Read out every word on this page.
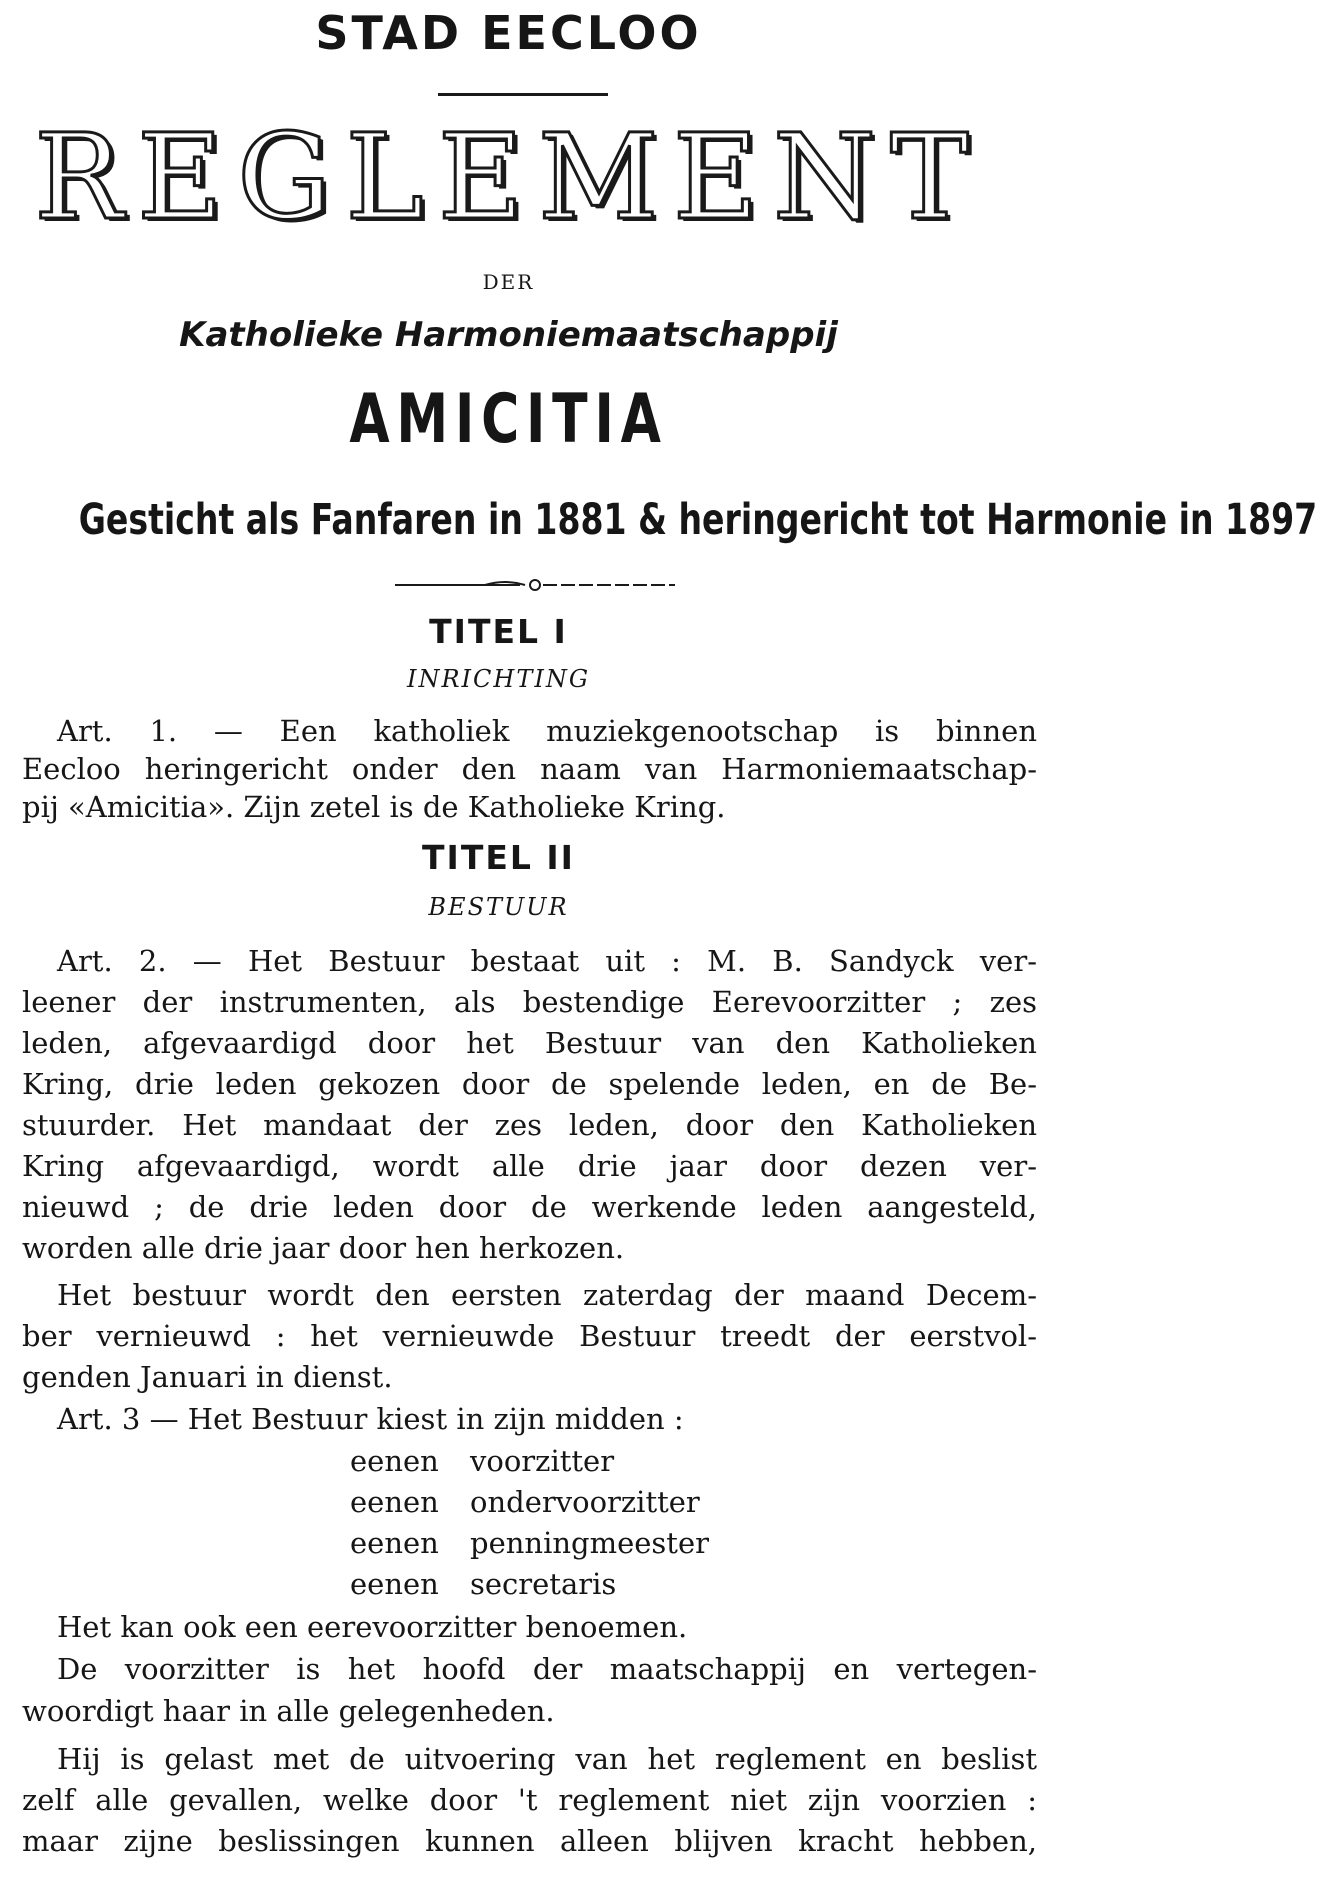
STAD EECLOO
REGLEMENT
DER
Katholieke Harmoniemaatschappij
AMICITIA
Gesticht als Fanfaren in 1881 & heringericht tot Harmonie in 1897
TITEL I
INRICHTING
Art. 1. — Een katholiek muziekgenootschap is binnen
Eecloo heringericht onder den naam van Harmoniemaatschap-
pij «Amicitia». Zijn zetel is de Katholieke Kring.
TITEL II
BESTUUR
Art. 2. — Het Bestuur bestaat uit : M. B. Sandyck ver-
leener der instrumenten, als bestendige Eerevoorzitter ; zes
leden, afgevaardigd door het Bestuur van den Katholieken
Kring, drie leden gekozen door de spelende leden, en de Be-
stuurder. Het mandaat der zes leden, door den Katholieken
Kring afgevaardigd, wordt alle drie jaar door dezen ver-
nieuwd ; de drie leden door de werkende leden aangesteld,
worden alle drie jaar door hen herkozen.
Het bestuur wordt den eersten zaterdag der maand Decem-
ber vernieuwd : het vernieuwde Bestuur treedt der eerstvol-
genden Januari in dienst.
Art. 3 — Het Bestuur kiest in zijn midden :
eenen voorzitter
eenen ondervoorzitter
eenen penningmeester
eenen secretaris
Het kan ook een eerevoorzitter benoemen.
De voorzitter is het hoofd der maatschappij en vertegen-
woordigt haar in alle gelegenheden.
Hij is gelast met de uitvoering van het reglement en beslist
zelf alle gevallen, welke door 't reglement niet zijn voorzien :
maar zijne beslissingen kunnen alleen blijven kracht hebben,
